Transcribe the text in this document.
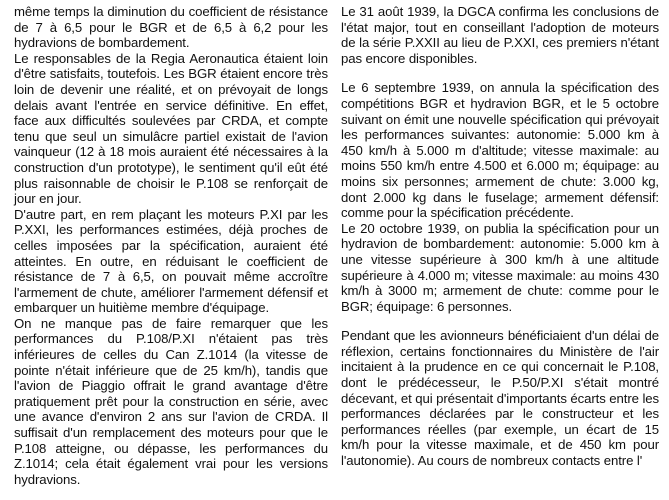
même temps la diminution du coefficient de résistance de 7 à 6,5 pour le BGR et de 6,5 à 6,2 pour les hydravions de bombardement.

Le responsables de la Regia Aeronautica étaient loin d'être satisfaits, toutefois. Les BGR étaient encore très loin de devenir une réalité, et on prévoyait de longs delais avant l'entrée en service définitive. En effet, face aux difficultés soulevées par CRDA, et compte tenu que seul un simulâcre partiel existait de l'avion vainqueur (12 à 18 mois auraient été nécessaires à la construction d'un prototype), le sentiment qu'il eût été plus raisonnable de choisir le P.108 se renforçait de jour en jour.

D'autre part, en rem plaçant les moteurs P.XI par les P.XXI, les performances estimées, déjà proches de celles imposées par la spécification, auraient été atteintes. En outre, en réduisant le coefficient de résistance de 7 à 6,5, on pouvait même accroître l'armement de chute, améliorer l'armement défensif et embarquer un huitième membre d'équipage.

On ne manque pas de faire remarquer que les performances du P.108/P.XI n'étaient pas très inférieures de celles du Can Z.1014 (la vitesse de pointe n'était inférieure que de 25 km/h), tandis que l'avion de Piaggio offrait le grand avantage d'être pratiquement prêt pour la construction en série, avec une avance d'environ 2 ans sur l'avion de CRDA. Il suffisait d'un remplacement des moteurs pour que le P.108 atteigne, ou dépasse, les performances du Z.1014; cela était également vrai pour les versions hydravions.

Le 31 août 1939, la DGCA confirma les conclusions de l'état major, tout en conseillant l'adoption de moteurs de la série P.XXII au lieu de P.XXI, ces premiers n'étant pas encore disponibles.

Le 6 septembre 1939, on annula la spécification des compétitions BGR et hydravion BGR, et le 5 octobre suivant on émit une nouvelle spécification qui prévoyait les performances suivantes: autonomie: 5.000 km à 450 km/h à 5.000 m d'altitude; vitesse maximale: au moins 550 km/h entre 4.500 et 6.000 m; équipage: au moins six personnes; armement de chute: 3.000 kg, dont 2.000 kg dans le fuselage; armement défensif: comme pour la spécification précédente.

Le 20 octobre 1939, on publia la spécification pour un hydravion de bombardement: autonomie: 5.000 km à une vitesse supérieure à 300 km/h à une altitude supérieure à 4.000 m; vitesse maximale: au moins 430 km/h à 3000 m; armement de chute: comme pour le BGR; équipage: 6 personnes.

Pendant que les avionneurs bénéficiaient d'un délai de réflexion, certains fonctionnaires du Ministère de l'air incitaient à la prudence en ce qui concernait le P.108, dont le prédécesseur, le P.50/P.XI s'était montré décevant, et qui présentait d'importants écarts entre les performances déclarées par le constructeur et les performances réelles (par exemple, un écart de 15 km/h pour la vitesse maximale, et de 450 km pour l'autonomie). Au cours de nombreux contacts entre l'
